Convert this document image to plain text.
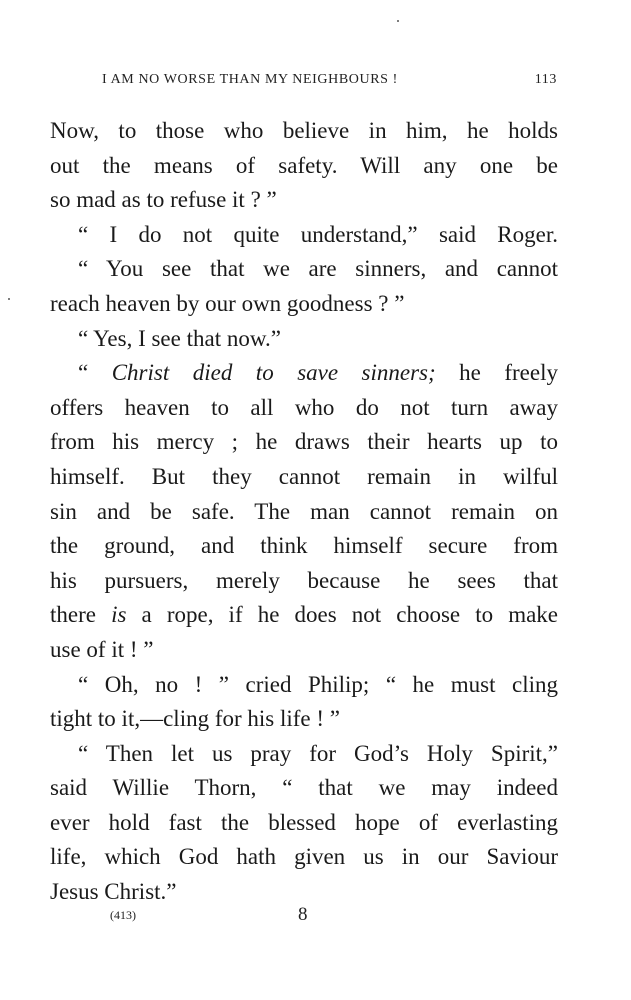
I AM NO WORSE THAN MY NEIGHBOURS !	113
Now, to those who believe in him, he holds
out the means of safety. Will any one be
so mad as to refuse it ? ”
“ I do not quite understand,” said Roger.
“ You see that we are sinners, and cannot
reach heaven by our own goodness ? ”
“ Yes, I see that now.”
“ Christ died to save sinners; he freely
offers heaven to all who do not turn away
from his mercy ; he draws their hearts up to
himself. But they cannot remain in wilful
sin and be safe. The man cannot remain on
the ground, and think himself secure from
his pursuers, merely because he sees that
there is a rope, if he does not choose to make
use of it ! ”
“ Oh, no ! ” cried Philip; “ he must cling
tight to it,—cling for his life ! ”
“ Then let us pray for God’s Holy Spirit,”
said Willie Thorn, “ that we may indeed
ever hold fast the blessed hope of everlasting
life, which God hath given us in our Saviour
Jesus Christ.”
(413)	8
